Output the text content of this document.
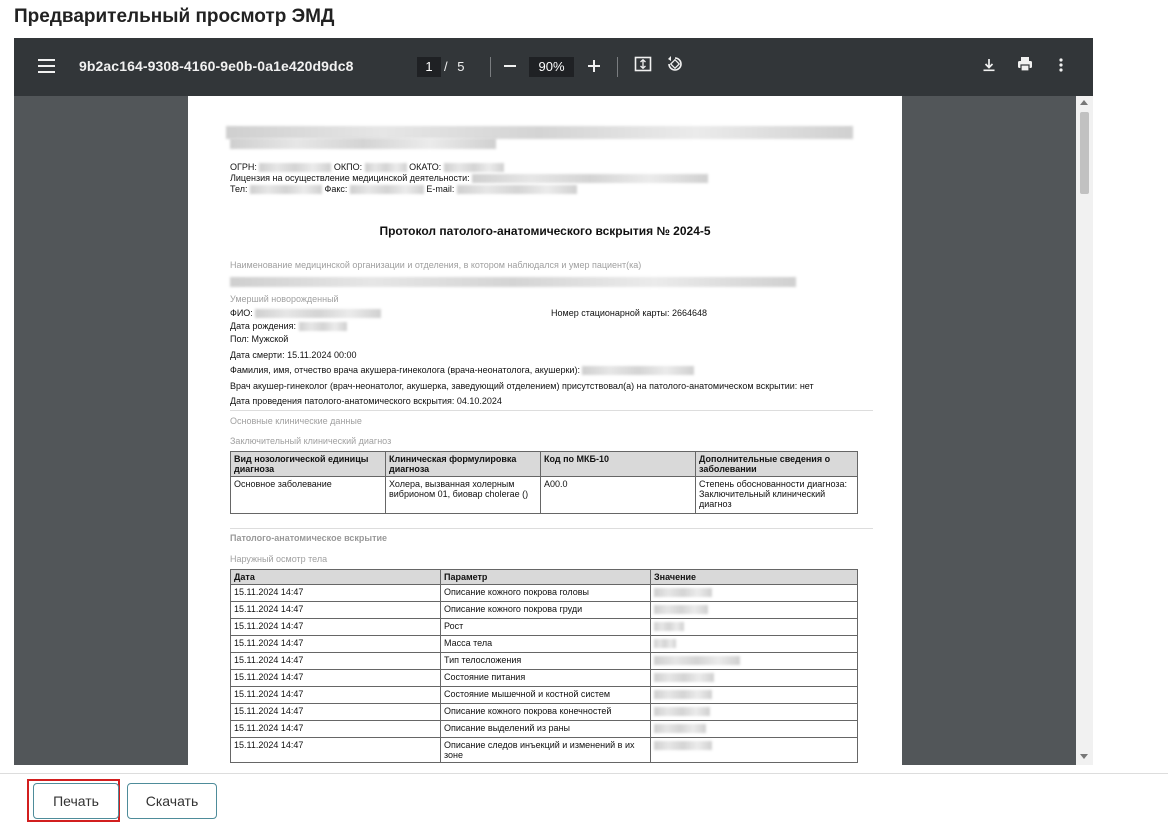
Предварительный просмотр ЭМД
9b2ac164-9308-4160-9e0b-0a1e420d9dc8	1 / 5	90%
ОГРН:	ОКПО:	ОКАТО:
Лицензия на осуществление медицинской деятельности:
Тел:	Факс:	E-mail:
Протокол патолого-анатомического вскрытия № 2024-5
Наименование медицинской организации и отделения, в котором наблюдался и умер пациент(ка)
Умерший новорожденный
ФИО:	Номер стационарной карты: 2664648
Дата рождения:
Пол: Мужской
Дата смерти: 15.11.2024 00:00
Фамилия, имя, отчество врача акушера-гинеколога (врача-неонатолога, акушерки):
Врач акушер-гинеколог (врач-неонатолог, акушерка, заведующий отделением) присутствовал(а) на патолого-анатомическом вскрытии: нет
Дата проведения патолого-анатомического вскрытия: 04.10.2024
Основные клинические данные
Заключительный клинический диагноз
Вид нозологической единицы диагноза	Клиническая формулировка диагноза	Код по МКБ-10	Дополнительные сведения о заболевании
Основное заболевание	Холера, вызванная холерным вибрионом 01, биовар cholerae ()	A00.0	Степень обоснованности диагноза: Заключительный клинический диагноз
Патолого-анатомическое вскрытие
Наружный осмотр тела
Дата	Параметр	Значение
15.11.2024 14:47	Описание кожного покрова головы	
15.11.2024 14:47	Описание кожного покрова груди	
15.11.2024 14:47	Рост	
15.11.2024 14:47	Масса тела	
15.11.2024 14:47	Тип телосложения	
15.11.2024 14:47	Состояние питания	
15.11.2024 14:47	Состояние мышечной и костной систем	
15.11.2024 14:47	Описание кожного покрова конечностей	
15.11.2024 14:47	Описание выделений из раны	
15.11.2024 14:47	Описание следов инъекций и изменений в их зоне	
Печать	Скачать
